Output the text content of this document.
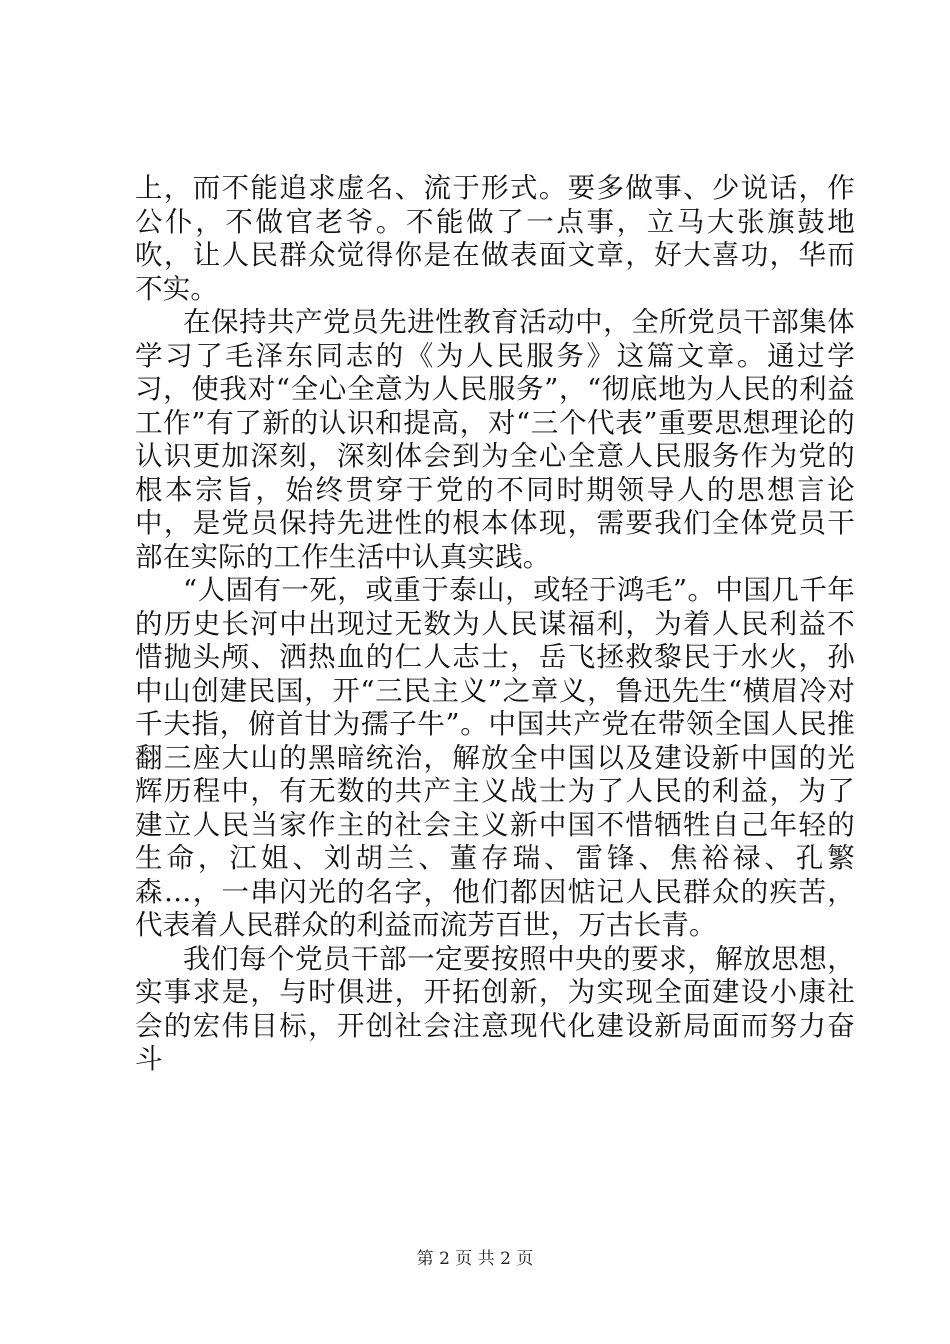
上，而不能追求虚名、流于形式。要多做事、少说话，作公仆，不做官老爷。不能做了一点事，立马大张旗鼓地吹，让人民群众觉得你是在做表面文章，好大喜功，华而不实。

在保持共产党员先进性教育活动中，全所党员干部集体学习了毛泽东同志的《为人民服务》这篇文章。通过学习，使我对“全心全意为人民服务”，“彻底地为人民的利益工作”有了新的认识和提高，对“三个代表”重要思想理论的认识更加深刻，深刻体会到为全心全意人民服务作为党的根本宗旨，始终贯穿于党的不同时期领导人的思想言论中，是党员保持先进性的根本体现，需要我们全体党员干部在实际的工作生活中认真实践。

“人固有一死，或重于泰山，或轻于鸿毛”。中国几千年的历史长河中出现过无数为人民谋福利，为着人民利益不惜抛头颅、洒热血的仁人志士，岳飞拯救黎民于水火，孙中山创建民国，开“三民主义”之章义，鲁迅先生“横眉冷对千夫指，俯首甘为孺子牛”。中国共产党在带领全国人民推翻三座大山的黑暗统治，解放全中国以及建设新中国的光辉历程中，有无数的共产主义战士为了人民的利益，为了建立人民当家作主的社会主义新中国不惜牺牲自己年轻的生命，江姐、刘胡兰、董存瑞、雷锋、焦裕禄、孔繁森…，一串闪光的名字，他们都因惦记人民群众的疾苦，代表着人民群众的利益而流芳百世，万古长青。

我们每个党员干部一定要按照中央的要求，解放思想，实事求是，与时俱进，开拓创新，为实现全面建设小康社会的宏伟目标，开创社会注意现代化建设新局面而努力奋斗

第 2 页 共 2 页
